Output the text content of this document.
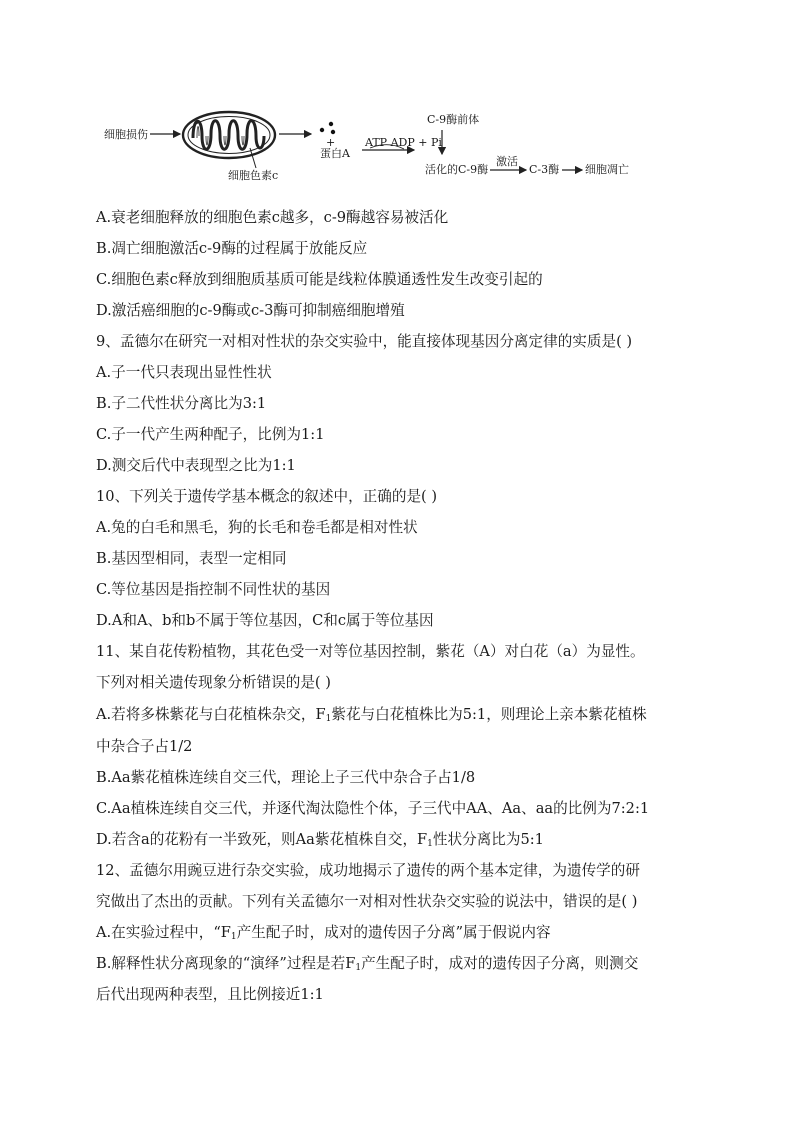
细胞损伤
细胞色素c
+
蛋白A
ATP ADP + Pi
C-9酶前体
活化的C-9酶
激活
C-3酶 细胞凋亡
A.衰老细胞释放的细胞色素c越多，c-9酶越容易被活化
B.凋亡细胞激活c-9酶的过程属于放能反应
C.细胞色素c释放到细胞质基质可能是线粒体膜通透性发生改变引起的
D.激活癌细胞的c-9酶或c-3酶可抑制癌细胞增殖
9、孟德尔在研究一对相对性状的杂交实验中，能直接体现基因分离定律的实质是( )
A.子一代只表现出显性性状
B.子二代性状分离比为3:1
C.子一代产生两种配子，比例为1:1
D.测交后代中表现型之比为1:1
10、下列关于遗传学基本概念的叙述中，正确的是( )
A.兔的白毛和黑毛，狗的长毛和卷毛都是相对性状
B.基因型相同，表型一定相同
C.等位基因是指控制不同性状的基因
D.A和A、b和b不属于等位基因，C和c属于等位基因
11、某自花传粉植物，其花色受一对等位基因控制，紫花（A）对白花（a）为显性。
下列对相关遗传现象分析错误的是( )
A.若将多株紫花与白花植株杂交，$F_1$紫花与白花植株比为5:1，则理论上亲本紫花植株
中杂合子占1/2
B.Aa紫花植株连续自交三代，理论上子三代中杂合子占1/8
C.Aa植株连续自交三代，并逐代淘汰隐性个体，子三代中AA、Aa、aa的比例为7:2:1
D.若含a的花粉有一半致死，则Aa紫花植株自交，$F_1$性状分离比为5:1
12、孟德尔用豌豆进行杂交实验，成功地揭示了遗传的两个基本定律，为遗传学的研
究做出了杰出的贡献。下列有关孟德尔一对相对性状杂交实验的说法中，错误的是( )
A.在实验过程中，“$F_1$产生配子时，成对的遗传因子分离”属于假说内容
B.解释性状分离现象的“演绎”过程是若$F_1$产生配子时，成对的遗传因子分离，则测交
后代出现两种表型，且比例接近1:1
